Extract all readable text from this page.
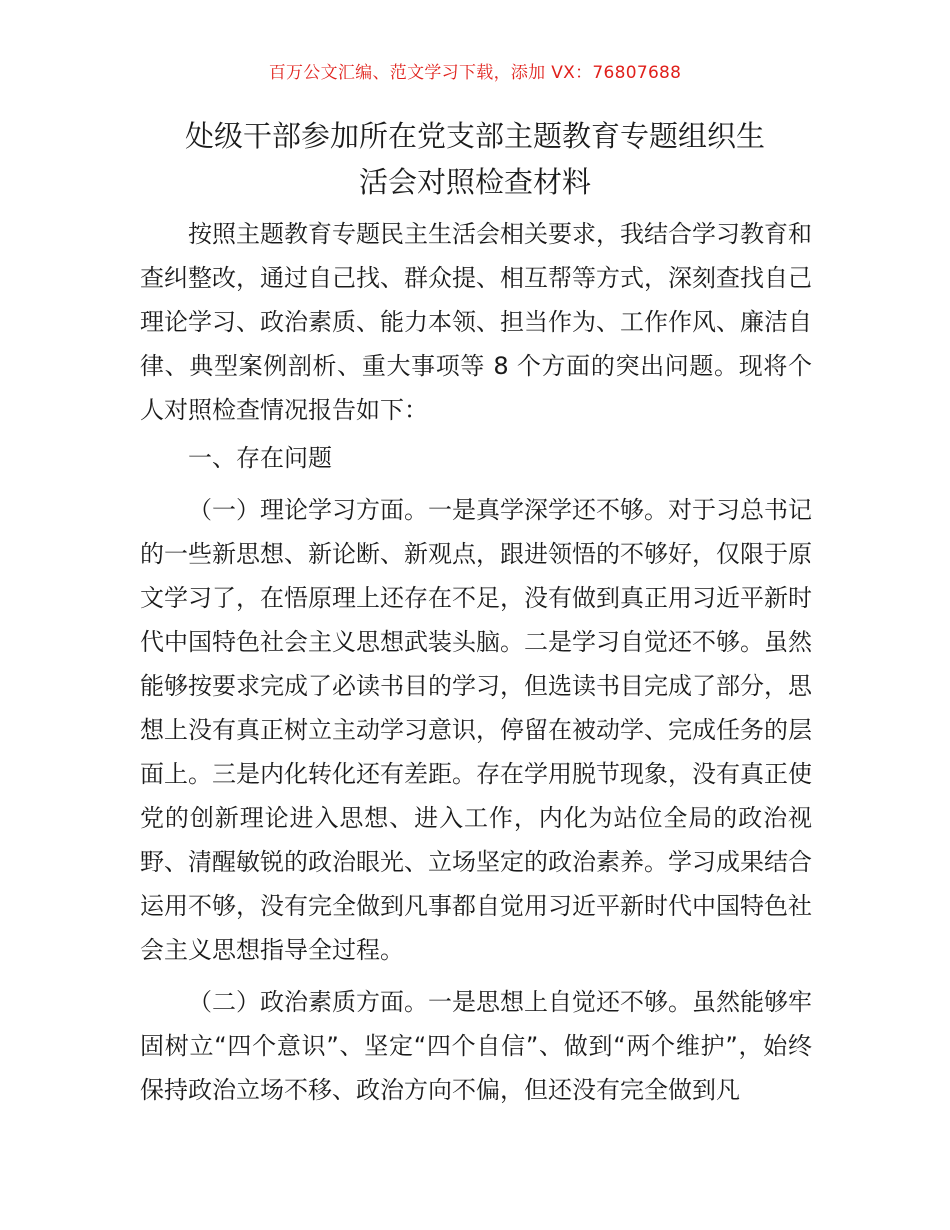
百万公文汇编、范文学习下载，添加 VX：76807688
处级干部参加所在党支部主题教育专题组织生
活会对照检查材料

按照主题教育专题民主生活会相关要求，我结合学习教育和查纠整改，通过自己找、群众提、相互帮等方式，深刻查找自己理论学习、政治素质、能力本领、担当作为、工作作风、廉洁自律、典型案例剖析、重大事项等 8 个方面的突出问题。现将个人对照检查情况报告如下：

一、存在问题

（一）理论学习方面。一是真学深学还不够。对于习总书记的一些新思想、新论断、新观点，跟进领悟的不够好，仅限于原文学习了，在悟原理上还存在不足，没有做到真正用习近平新时代中国特色社会主义思想武装头脑。二是学习自觉还不够。虽然能够按要求完成了必读书目的学习，但选读书目完成了部分，思想上没有真正树立主动学习意识，停留在被动学、完成任务的层面上。三是内化转化还有差距。存在学用脱节现象，没有真正使党的创新理论进入思想、进入工作，内化为站位全局的政治视野、清醒敏锐的政治眼光、立场坚定的政治素养。学习成果结合运用不够，没有完全做到凡事都自觉用习近平新时代中国特色社会主义思想指导全过程。

（二）政治素质方面。一是思想上自觉还不够。虽然能够牢固树立“四个意识”、坚定“四个自信”、做到“两个维护”，始终保持政治立场不移、政治方向不偏，但还没有完全做到凡
